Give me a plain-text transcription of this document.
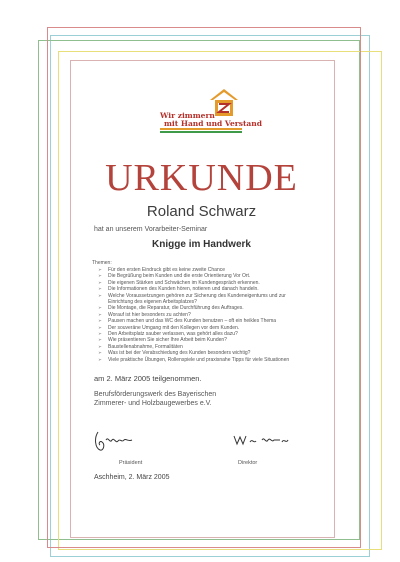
Wir zimmern
mit Hand und Verstand
URKUNDE
Roland Schwarz
hat an unserem Vorarbeiter-Seminar
Knigge im Handwerk
Themen:
➢ Für den ersten Eindruck gibt es keine zweite Chance
➢ Die Begrüßung beim Kunden und die erste Orientierung Vor Ort.
➢ Die eigenen Stärken und Schwächen im Kundengespräch erkennen.
➢ Die Informationen des Kunden hören, notieren und danach handeln.
➢ Welche Voraussetzungen gehören zur Sicherung des Kundeneigentums und zur
Einrichtung des eigenen Arbeitsplatzes?
➢ Die Montage, die Reparatur, die Durchführung des Auftrages.
➢ Worauf ist hier besonders zu achten?
➢ Pausen machen und das WC des Kunden benutzen – oft ein heikles Thema
➢ Der souveräne Umgang mit den Kollegen vor dem Kunden.
➢ Den Arbeitsplatz sauber verlassen, was gehört alles dazu?
➢ Wie präsentieren Sie sicher Ihre Arbeit beim Kunden?
➢ Baustellenabnahme, Formalitäten
➢ Was ist bei der Verabschiedung des Kunden besonders wichtig?
➢ Viele praktische Übungen, Rollenspiele und praxisnahe Tipps für viele Situationen
am 2. März 2005 teilgenommen.
Berufsförderungswerk des Bayerischen
Zimmerer- und Holzbaugewerbes e.V.
Präsident	Direktor
Aschheim, 2. März 2005
